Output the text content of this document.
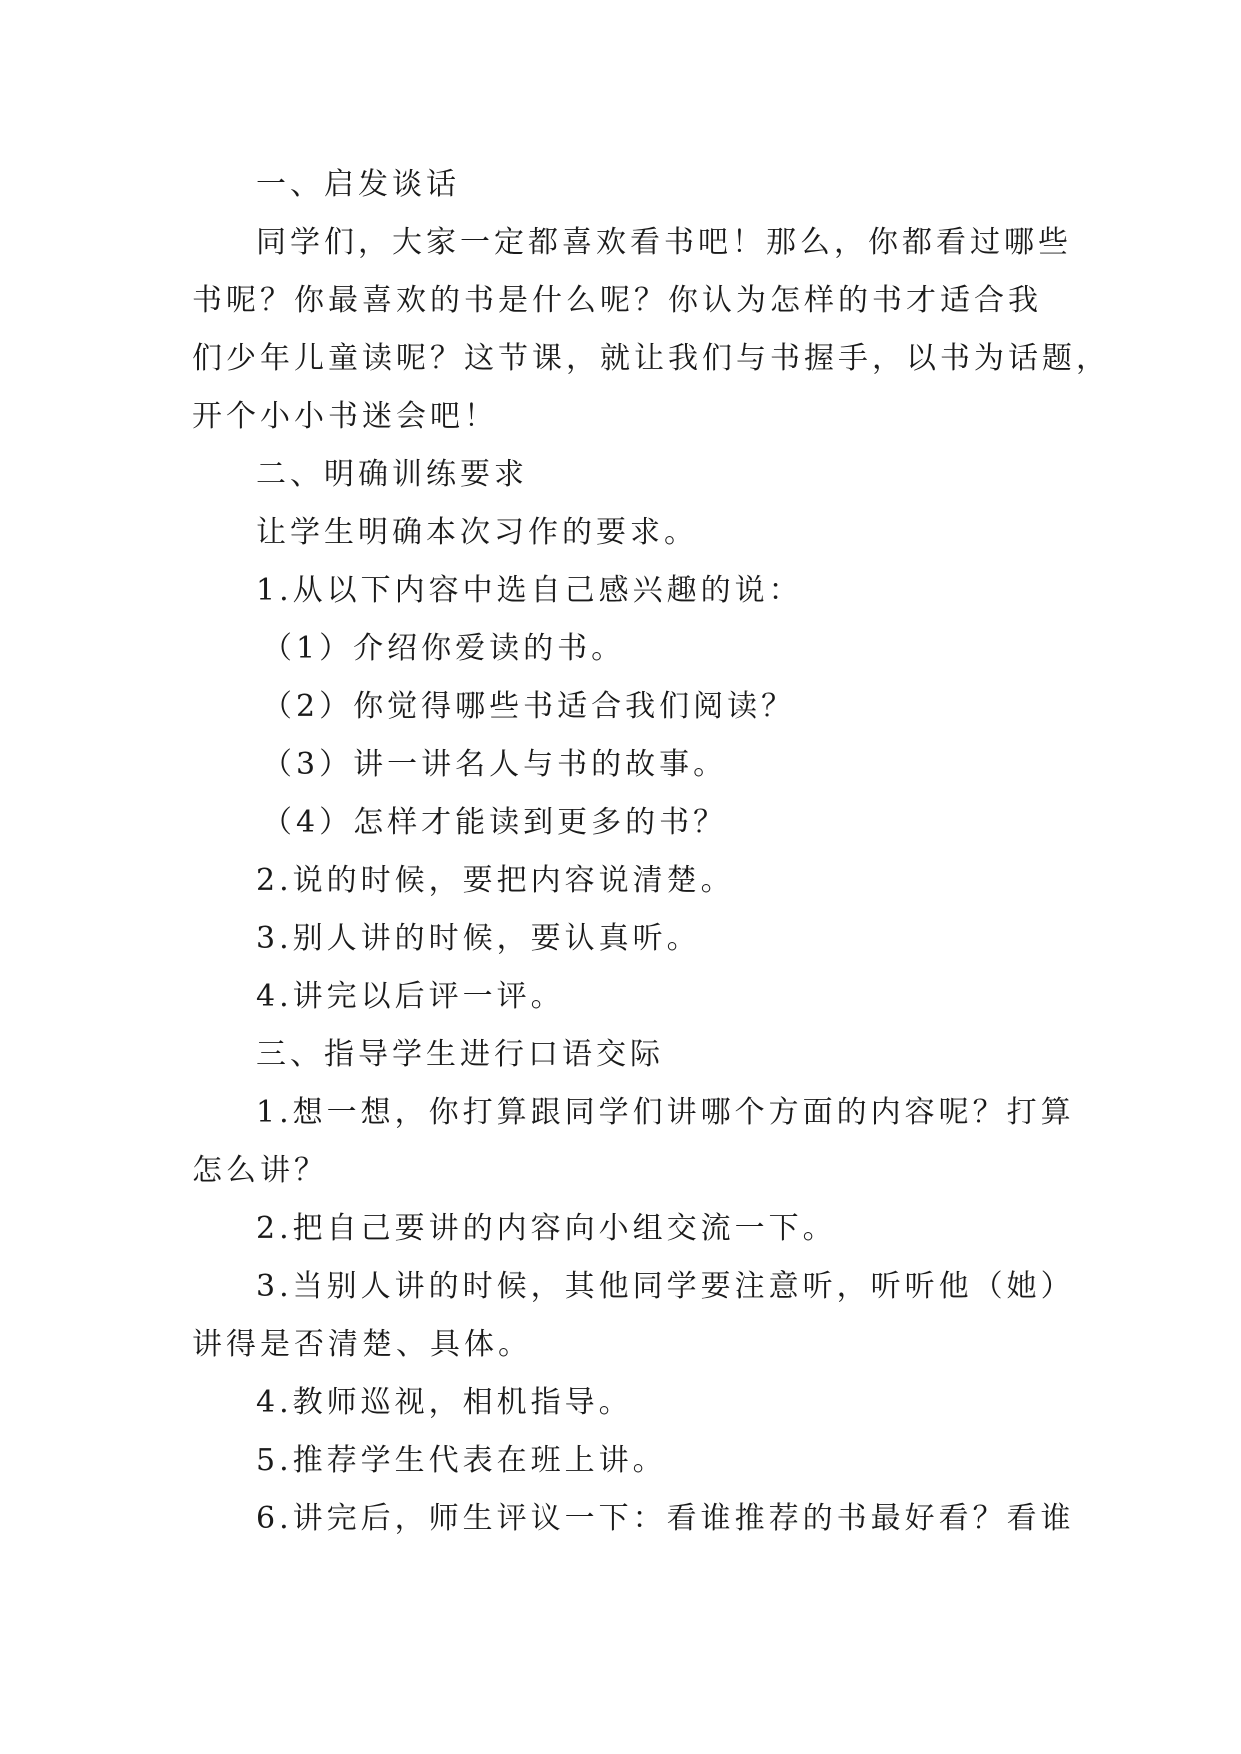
一、启发谈话
同学们，大家一定都喜欢看书吧！那么，你都看过哪些
书呢？你最喜欢的书是什么呢？你认为怎样的书才适合我
们少年儿童读呢？这节课，就让我们与书握手，以书为话题，
开个小小书迷会吧！
二、明确训练要求
让学生明确本次习作的要求。
1.从以下内容中选自己感兴趣的说：
（1）介绍你爱读的书。
（2）你觉得哪些书适合我们阅读？
（3）讲一讲名人与书的故事。
（4）怎样才能读到更多的书？
2.说的时候，要把内容说清楚。
3.别人讲的时候，要认真听。
4.讲完以后评一评。
三、指导学生进行口语交际
1.想一想，你打算跟同学们讲哪个方面的内容呢？打算
怎么讲？
2.把自己要讲的内容向小组交流一下。
3.当别人讲的时候，其他同学要注意听，听听他（她）
讲得是否清楚、具体。
4.教师巡视，相机指导。
5.推荐学生代表在班上讲。
6.讲完后，师生评议一下：看谁推荐的书最好看？看谁
